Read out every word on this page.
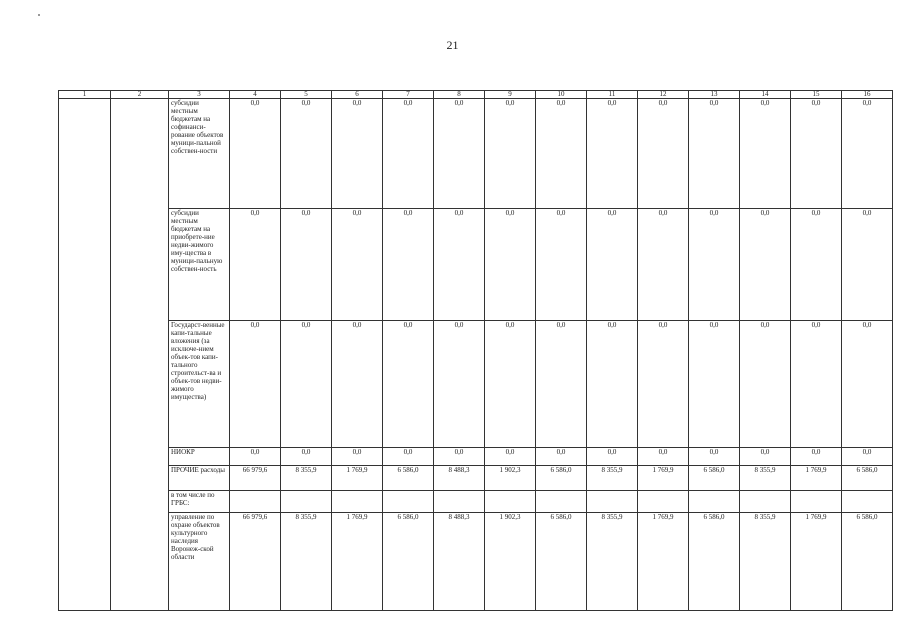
21
1	2	3	4	5	6	7	8	9	10	11	12	13	14	15	16
		субсидии местным бюджетам на софинанси-рование объектов муници-пальной собствен-ности	0,0	0,0	0,0	0,0	0,0	0,0	0,0	0,0	0,0	0,0	0,0	0,0	0,0
		субсидии местным бюджетам на приобрете-ние недви-жимого иму-щества в муници-пальную собствен-ность	0,0	0,0	0,0	0,0	0,0	0,0	0,0	0,0	0,0	0,0	0,0	0,0	0,0
		Государст-венные капи-тальные вложения (за исключе-нием объек-тов капи-тального строительст-ва и объек-тов недви-жимого имущества)	0,0	0,0	0,0	0,0	0,0	0,0	0,0	0,0	0,0	0,0	0,0	0,0	0,0
		НИОКР	0,0	0,0	0,0	0,0	0,0	0,0	0,0	0,0	0,0	0,0	0,0	0,0	0,0
		ПРОЧИЕ расходы	66 979,6	8 355,9	1 769,9	6 586,0	8 488,3	1 902,3	6 586,0	8 355,9	1 769,9	6 586,0	8 355,9	1 769,9	6 586,0
		в том числе по ГРБС:													
		управление по охране объектов культурного наследия Воронеж-ской области	66 979,6	8 355,9	1 769,9	6 586,0	8 488,3	1 902,3	6 586,0	8 355,9	1 769,9	6 586,0	8 355,9	1 769,9	6 586,0
